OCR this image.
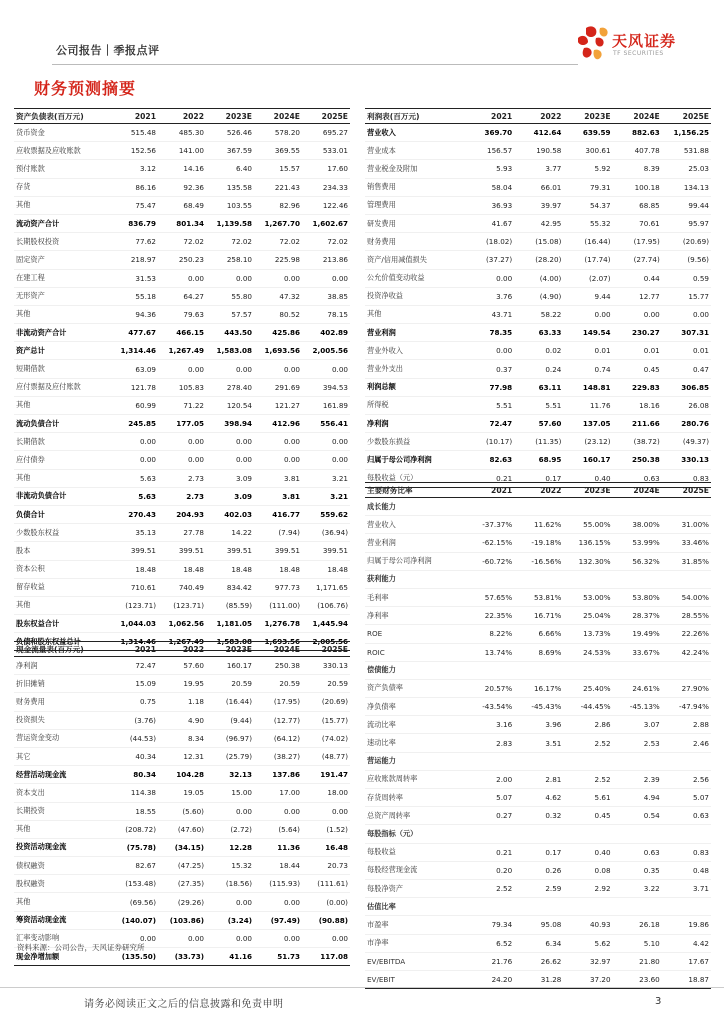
公司报告｜季报点评
天风证券
TF SECURITIES
财务预测摘要
资产负债表(百万元)	2021	2022	2023E	2024E	2025E
货币资金	515.48	485.30	526.46	578.20	695.27
应收票据及应收账款	152.56	141.00	367.59	369.55	533.01
预付账款	3.12	14.16	6.40	15.57	17.60
存货	86.16	92.36	135.58	221.43	234.33
其他	75.47	68.49	103.55	82.96	122.46
流动资产合计	836.79	801.34	1,139.58	1,267.70	1,602.67
长期股权投资	77.62	72.02	72.02	72.02	72.02
固定资产	218.97	250.23	258.10	225.98	213.86
在建工程	31.53	0.00	0.00	0.00	0.00
无形资产	55.18	64.27	55.80	47.32	38.85
其他	94.36	79.63	57.57	80.52	78.15
非流动资产合计	477.67	466.15	443.50	425.86	402.89
资产总计	1,314.46	1,267.49	1,583.08	1,693.56	2,005.56
短期借款	63.09	0.00	0.00	0.00	0.00
应付票据及应付账款	121.78	105.83	278.40	291.69	394.53
其他	60.99	71.22	120.54	121.27	161.89
流动负债合计	245.85	177.05	398.94	412.96	556.41
长期借款	0.00	0.00	0.00	0.00	0.00
应付债券	0.00	0.00	0.00	0.00	0.00
其他	5.63	2.73	3.09	3.81	3.21
非流动负债合计	5.63	2.73	3.09	3.81	3.21
负债合计	270.43	204.93	402.03	416.77	559.62
少数股东权益	35.13	27.78	14.22	(7.94)	(36.94)
股本	399.51	399.51	399.51	399.51	399.51
资本公积	18.48	18.48	18.48	18.48	18.48
留存收益	710.61	740.49	834.42	977.73	1,171.65
其他	(123.71)	(123.71)	(85.59)	(111.00)	(106.76)
股东权益合计	1,044.03	1,062.56	1,181.05	1,276.78	1,445.94
负债和股东权益总计	1,314.46	1,267.49	1,583.08	1,693.56	2,005.56
利润表(百万元)	2021	2022	2023E	2024E	2025E
营业收入	369.70	412.64	639.59	882.63	1,156.25
营业成本	156.57	190.58	300.61	407.78	531.88
营业税金及附加	5.93	3.77	5.92	8.39	25.03
销售费用	58.04	66.01	79.31	100.18	134.13
管理费用	36.93	39.97	54.37	68.85	99.44
研发费用	41.67	42.95	55.32	70.61	95.97
财务费用	(18.02)	(15.08)	(16.44)	(17.95)	(20.69)
资产/信用减值损失	(37.27)	(28.20)	(17.74)	(27.74)	(9.56)
公允价值变动收益	0.00	(4.00)	(2.07)	0.44	0.59
投资净收益	3.76	(4.90)	9.44	12.77	15.77
其他	43.71	58.22	0.00	0.00	0.00
营业利润	78.35	63.33	149.54	230.27	307.31
营业外收入	0.00	0.02	0.01	0.01	0.01
营业外支出	0.37	0.24	0.74	0.45	0.47
利润总额	77.98	63.11	148.81	229.83	306.85
所得税	5.51	5.51	11.76	18.16	26.08
净利润	72.47	57.60	137.05	211.66	280.76
少数股东损益	(10.17)	(11.35)	(23.12)	(38.72)	(49.37)
归属于母公司净利润	82.63	68.95	160.17	250.38	330.13
每股收益（元）	0.21	0.17	0.40	0.63	0.83
主要财务比率	2021	2022	2023E	2024E	2025E
成长能力					
营业收入	-37.37%	11.62%	55.00%	38.00%	31.00%
营业利润	-62.15%	-19.18%	136.15%	53.99%	33.46%
归属于母公司净利润	-60.72%	-16.56%	132.30%	56.32%	31.85%
获利能力					
毛利率	57.65%	53.81%	53.00%	53.80%	54.00%
净利率	22.35%	16.71%	25.04%	28.37%	28.55%
ROE	8.22%	6.66%	13.73%	19.49%	22.26%
ROIC	13.74%	8.69%	24.53%	33.67%	42.24%
偿债能力					
资产负债率	20.57%	16.17%	25.40%	24.61%	27.90%
净负债率	-43.54%	-45.43%	-44.45%	-45.13%	-47.94%
流动比率	3.16	3.96	2.86	3.07	2.88
速动比率	2.83	3.51	2.52	2.53	2.46
营运能力					
应收账款周转率	2.00	2.81	2.52	2.39	2.56
存货周转率	5.07	4.62	5.61	4.94	5.07
总资产周转率	0.27	0.32	0.45	0.54	0.63
每股指标（元）					
每股收益	0.21	0.17	0.40	0.63	0.83
每股经营现金流	0.20	0.26	0.08	0.35	0.48
每股净资产	2.52	2.59	2.92	3.22	3.71
估值比率					
市盈率	79.34	95.08	40.93	26.18	19.86
市净率	6.52	6.34	5.62	5.10	4.42
EV/EBITDA	21.76	26.62	32.97	21.80	17.67
EV/EBIT	24.20	31.28	37.20	23.60	18.87
现金流量表(百万元)	2021	2022	2023E	2024E	2025E
净利润	72.47	57.60	160.17	250.38	330.13
折旧摊销	15.09	19.95	20.59	20.59	20.59
财务费用	0.75	1.18	(16.44)	(17.95)	(20.69)
投资损失	(3.76)	4.90	(9.44)	(12.77)	(15.77)
营运资金变动	(44.53)	8.34	(96.97)	(64.12)	(74.02)
其它	40.34	12.31	(25.79)	(38.27)	(48.77)
经营活动现金流	80.34	104.28	32.13	137.86	191.47
资本支出	114.38	19.05	15.00	17.00	18.00
长期投资	18.55	(5.60)	0.00	0.00	0.00
其他	(208.72)	(47.60)	(2.72)	(5.64)	(1.52)
投资活动现金流	(75.78)	(34.15)	12.28	11.36	16.48
债权融资	82.67	(47.25)	15.32	18.44	20.73
股权融资	(153.48)	(27.35)	(18.56)	(115.93)	(111.61)
其他	(69.56)	(29.26)	0.00	0.00	(0.00)
筹资活动现金流	(140.07)	(103.86)	(3.24)	(97.49)	(90.88)
汇率变动影响	0.00	0.00	0.00	0.00	0.00
现金净增加额	(135.50)	(33.73)	41.16	51.73	117.08
资料来源：公司公告，天风证券研究所
请务必阅读正文之后的信息披露和免责申明	3
